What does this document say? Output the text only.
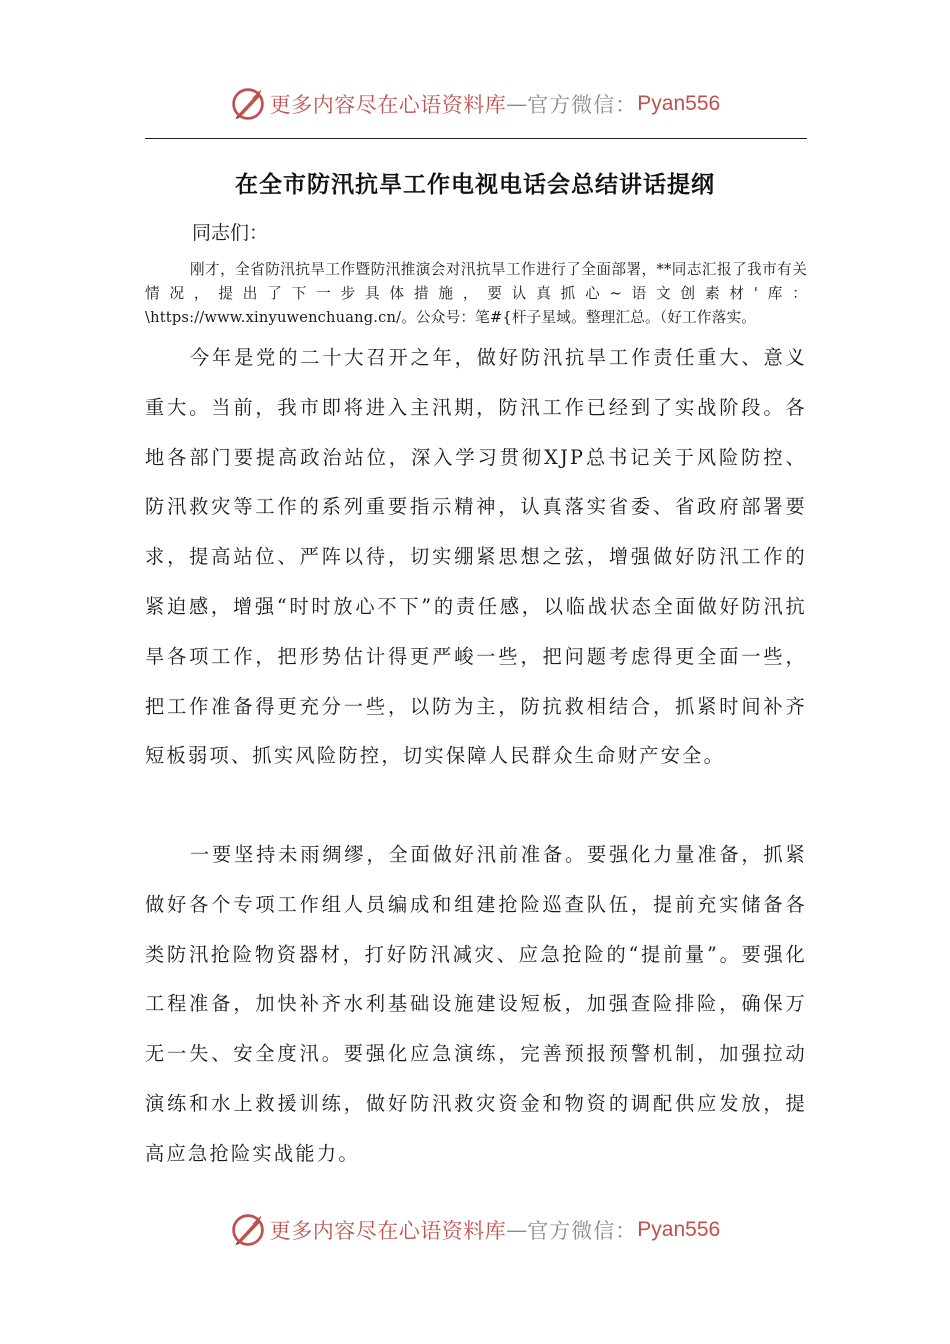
更多内容尽在心语资料库 — 官方微信： Pyan556
在全市防汛抗旱工作电视电话会总结讲话提纲

同志们：

刚才，全省防汛抗旱工作暨防汛推演会对汛抗旱工作进行了全面部署，**同志汇报了我市有关情况，提出了下一步具体措施，要认真抓心~语文创素材'库：\https://www.xinyuwenchuang.cn/。公众号：笔#{杆子星域。整理汇总。（好工作落实。

今年是党的二十大召开之年，做好防汛抗旱工作责任重大、意义重大。当前，我市即将进入主汛期，防汛工作已经到了实战阶段。各地各部门要提高政治站位，深入学习贯彻XJP总书记关于风险防控、防汛救灾等工作的系列重要指示精神，认真落实省委、省政府部署要求，提高站位、严阵以待，切实绷紧思想之弦，增强做好防汛工作的紧迫感，增强“时时放心不下”的责任感，以临战状态全面做好防汛抗旱各项工作，把形势估计得更严峻一些，把问题考虑得更全面一些，把工作准备得更充分一些，以防为主，防抗救相结合，抓紧时间补齐短板弱项、抓实风险防控，切实保障人民群众生命财产安全。

一要坚持未雨绸缪，全面做好汛前准备。要强化力量准备，抓紧做好各个专项工作组人员编成和组建抢险巡查队伍，提前充实储备各类防汛抢险物资器材，打好防汛减灾、应急抢险的“提前量”。要强化工程准备，加快补齐水利基础设施建设短板，加强查险排险，确保万无一失、安全度汛。要强化应急演练，完善预报预警机制，加强拉动演练和水上救援训练，做好防汛救灾资金和物资的调配供应发放，提高应急抢险实战能力。

更多内容尽在心语资料库 — 官方微信： Pyan556
